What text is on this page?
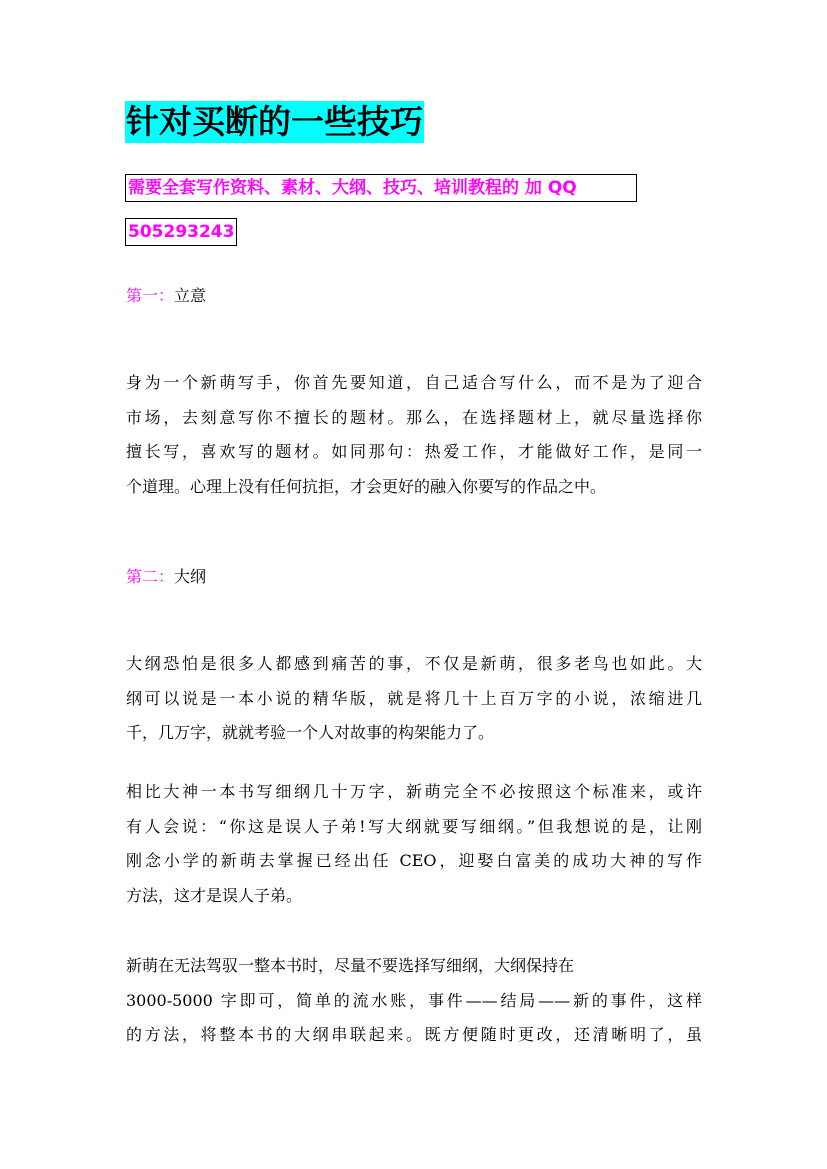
针对买断的一些技巧
需要全套写作资料、素材、大纲、技巧、培训教程的 加 QQ
505293243
第一：立意
身为一个新萌写手，你首先要知道，自己适合写什么，而不是为了迎合
市场，去刻意写你不擅长的题材。那么，在选择题材上，就尽量选择你
擅长写，喜欢写的题材。如同那句：热爱工作，才能做好工作，是同一
个道理。心理上没有任何抗拒，才会更好的融入你要写的作品之中。
第二：大纲
大纲恐怕是很多人都感到痛苦的事，不仅是新萌，很多老鸟也如此。大
纲可以说是一本小说的精华版，就是将几十上百万字的小说，浓缩进几
千，几万字，就就考验一个人对故事的构架能力了。
相比大神一本书写细纲几十万字，新萌完全不必按照这个标准来，或许
有人会说：“你这是误人子弟!写大纲就要写细纲。”但我想说的是，让刚
刚念小学的新萌去掌握已经出任 CEO，迎娶白富美的成功大神的写作
方法，这才是误人子弟。
新萌在无法驾驭一整本书时，尽量不要选择写细纲，大纲保持在
3000-5000 字即可，简单的流水账，事件——结局——新的事件，这样
的方法，将整本书的大纲串联起来。既方便随时更改，还清晰明了，虽
